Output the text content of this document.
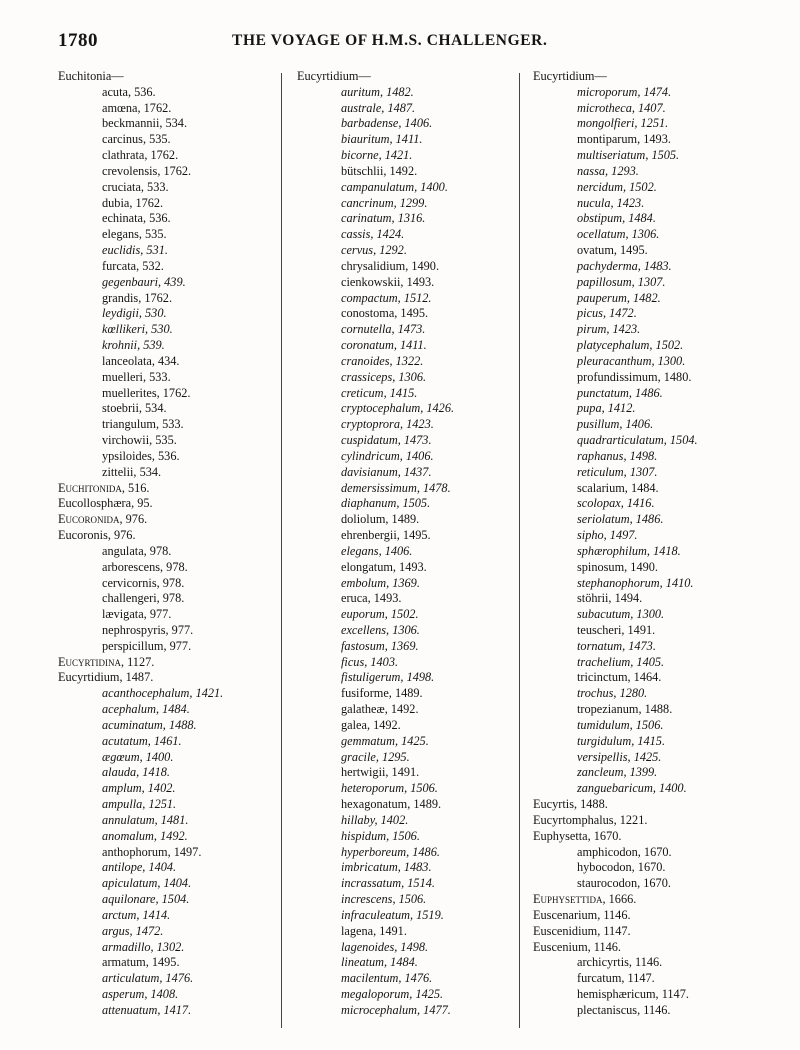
1780	THE VOYAGE OF H.M.S. CHALLENGER.
Euchitonia—
acuta, 536.
amœna, 1762.
beckmannii, 534.
carcinus, 535.
clathrata, 1762.
crevolensis, 1762.
cruciata, 533.
dubia, 1762.
echinata, 536.
elegans, 535.
euclidis, 531.
furcata, 532.
gegenbauri, 439.
grandis, 1762.
leydigii, 530.
kœllikeri, 530.
krohnii, 539.
lanceolata, 434.
muelleri, 533.
muellerites, 1762.
stoebrii, 534.
triangulum, 533.
virchowii, 535.
ypsiloides, 536.
zittelii, 534.
Euchitonida, 516.
Eucollosphæra, 95.
Eucoronida, 976.
Eucoronis, 976.
angulata, 978.
arborescens, 978.
cervicornis, 978.
challengeri, 978.
lævigata, 977.
nephrospyris, 977.
perspicillum, 977.
Eucyrtidina, 1127.
Eucyrtidium, 1487.
acanthocephalum, 1421.
acephalum, 1484.
acuminatum, 1488.
acutatum, 1461.
ægœum, 1400.
alauda, 1418.
amplum, 1402.
ampulla, 1251.
annulatum, 1481.
anomalum, 1492.
anthophorum, 1497.
antilope, 1404.
apiculatum, 1404.
aquilonare, 1504.
arctum, 1414.
argus, 1472.
armadillo, 1302.
armatum, 1495.
articulatum, 1476.
asperum, 1408.
attenuatum, 1417.
Eucyrtidium—
auritum, 1482.
australe, 1487.
barbadense, 1406.
biauritum, 1411.
bicorne, 1421.
bütschlii, 1492.
campanulatum, 1400.
cancrinum, 1299.
carinatum, 1316.
cassis, 1424.
cervus, 1292.
chrysalidium, 1490.
cienkowskii, 1493.
compactum, 1512.
conostoma, 1495.
cornutella, 1473.
coronatum, 1411.
cranoides, 1322.
crassiceps, 1306.
creticum, 1415.
cryptocephalum, 1426.
cryptoprora, 1423.
cuspidatum, 1473.
cylindricum, 1406.
davisianum, 1437.
demersissimum, 1478.
diaphanum, 1505.
doliolum, 1489.
ehrenbergii, 1495.
elegans, 1406.
elongatum, 1493.
embolum, 1369.
eruca, 1493.
euporum, 1502.
excellens, 1306.
fastosum, 1369.
ficus, 1403.
fistuligerum, 1498.
fusiforme, 1489.
galatheæ, 1492.
galea, 1492.
gemmatum, 1425.
gracile, 1295.
hertwigii, 1491.
heteroporum, 1506.
hexagonatum, 1489.
hillaby, 1402.
hispidum, 1506.
hyperboreum, 1486.
imbricatum, 1483.
incrassatum, 1514.
increscens, 1506.
infraculeatum, 1519.
lagena, 1491.
lagenoides, 1498.
lineatum, 1484.
macilentum, 1476.
megaloporum, 1425.
microcephalum, 1477.
Eucyrtidium—
microporum, 1474.
microtheca, 1407.
mongolfieri, 1251.
montiparum, 1493.
multiseriatum, 1505.
nassa, 1293.
nercidum, 1502.
nucula, 1423.
obstipum, 1484.
ocellatum, 1306.
ovatum, 1495.
pachyderma, 1483.
papillosum, 1307.
pauperum, 1482.
picus, 1472.
pirum, 1423.
platycephalum, 1502.
pleuracanthum, 1300.
profundissimum, 1480.
punctatum, 1486.
pupa, 1412.
pusillum, 1406.
quadrarticulatum, 1504.
raphanus, 1498.
reticulum, 1307.
scalarium, 1484.
scolopax, 1416.
seriolatum, 1486.
sipho, 1497.
sphærophilum, 1418.
spinosum, 1490.
stephanophorum, 1410.
stöhrii, 1494.
subacutum, 1300.
teuscheri, 1491.
tornatum, 1473.
trachelium, 1405.
tricinctum, 1464.
trochus, 1280.
tropezianum, 1488.
tumidulum, 1506.
turgidulum, 1415.
versipellis, 1425.
zancleum, 1399.
zanguebaricum, 1400.
Eucyrtis, 1488.
Eucyrtomphalus, 1221.
Euphysetta, 1670.
amphicodon, 1670.
hybocodon, 1670.
staurocodon, 1670.
Euphysettida, 1666.
Euscenarium, 1146.
Euscenidium, 1147.
Euscenium, 1146.
archicyrtis, 1146.
furcatum, 1147.
hemisphæricum, 1147.
plectaniscus, 1146.
